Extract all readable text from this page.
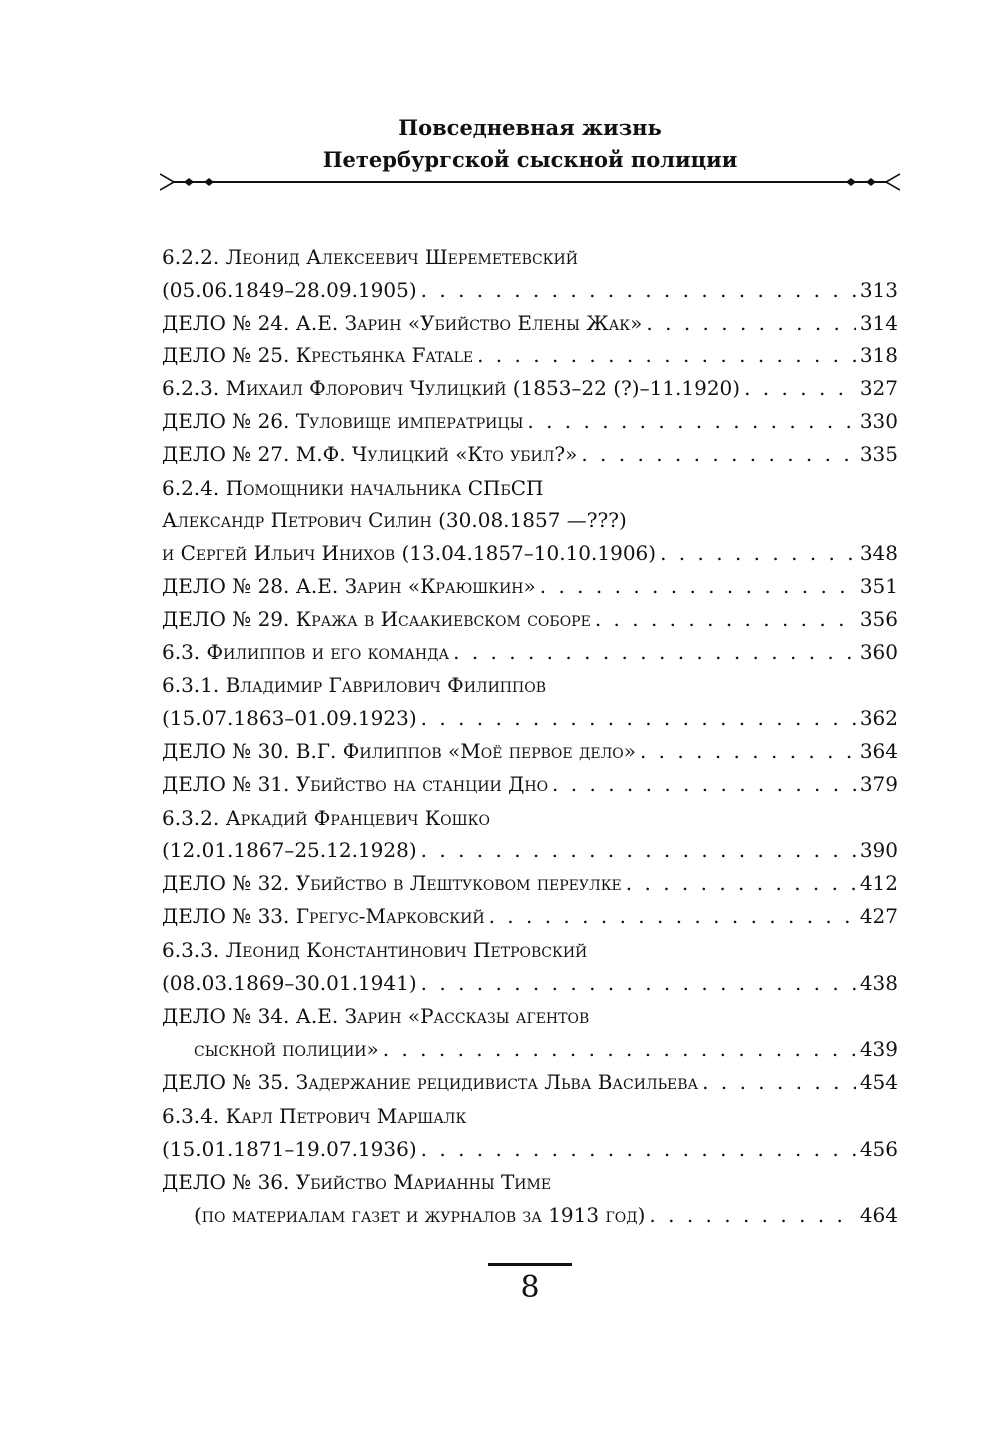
Повседневная жизнь
Петербургской сыскной полиции
6.2.2. Леонид Алексеевич Шереметевский
(05.06.1849–28.09.1905) . . .	313
ДЕЛО № 24. А.Е. Зарин «Убийство Елены Жак» . . .	314
ДЕЛО № 25. Крестьянка Fatale . . .	318
6.2.3. Михаил Флорович Чулицкий (1853–22 (?)–11.1920) . . .	327
ДЕЛО № 26. Туловище императрицы . . .	330
ДЕЛО № 27. М.Ф. Чулицкий «Кто убил?» . . .	335
6.2.4. Помощники начальника СПбСП
Александр Петрович Силин (30.08.1857 —???)
и Сергей Ильич Инихов (13.04.1857–10.10.1906) . . .	348
ДЕЛО № 28. А.Е. Зарин «Краюшкин» . . .	351
ДЕЛО № 29. Кража в Исаакиевском соборе . . .	356
6.3. Филиппов и его команда . . .	360
6.3.1. Владимир Гаврилович Филиппов
(15.07.1863–01.09.1923) . . .	362
ДЕЛО № 30. В.Г. Филиппов «Моё первое дело» . . .	364
ДЕЛО № 31. Убийство на станции Дно . . .	379
6.3.2. Аркадий Францевич Кошко
(12.01.1867–25.12.1928) . . .	390
ДЕЛО № 32. Убийство в Лештуковом переулке . . .	412
ДЕЛО № 33. Грегус-Марковский . . .	427
6.3.3. Леонид Константинович Петровский
(08.03.1869–30.01.1941) . . .	438
ДЕЛО № 34. А.Е. Зарин «Рассказы агентов
сыскной полиции» . . .	439
ДЕЛО № 35. Задержание рецидивиста Льва Васильева . . .	454
6.3.4. Карл Петрович Маршалк
(15.01.1871–19.07.1936) . . .	456
ДЕЛО № 36. Убийство Марианны Тиме
(по материалам газет и журналов за 1913 год) . . .	464
8
